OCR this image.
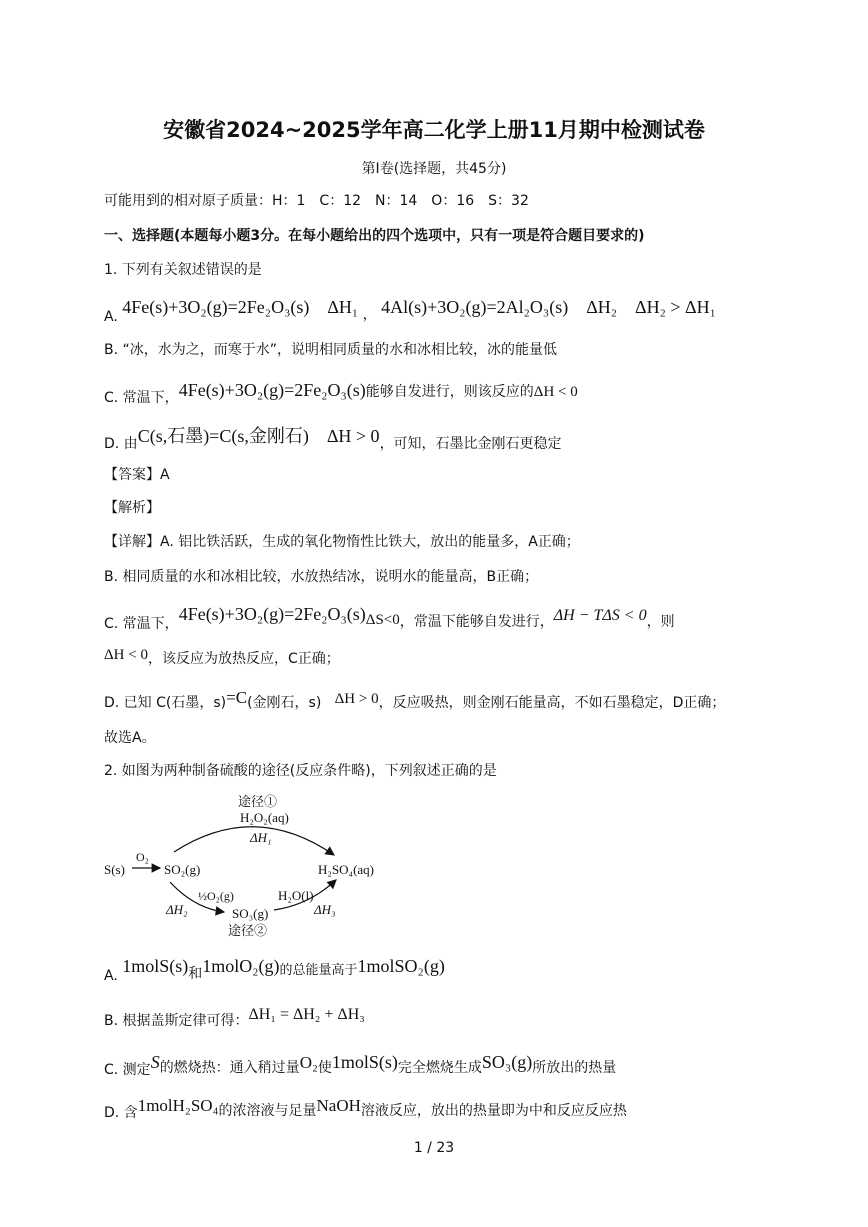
安徽省2024~2025学年高二化学上册11月期中检测试卷
第Ⅰ卷(选择题，共45分)
可能用到的相对原子质量：H：1　C：12　N：14　O：16　S：32
一、选择题(本题每小题3分。在每小题给出的四个选项中，只有一项是符合题目要求的)
1. 下列有关叙述错误的是
A. 4Fe(s)+3O₂(g)=2Fe₂O₃(s)　ΔH₁ ， 4Al(s)+3O₂(g)=2Al₂O₃(s)　ΔH₂　ΔH₂ > ΔH₁
B. “冰，水为之，而寒于水”，说明相同质量的水和冰相比较，冰的能量低
C. 常温下，4Fe(s)+3O₂(g)=2Fe₂O₃(s)能够自发进行，则该反应的ΔH < 0
D. 由C(s,石墨)=C(s,金刚石)　ΔH > 0，可知，石墨比金刚石更稳定
【答案】A
【解析】
【详解】A. 铝比铁活跃，生成的氧化物惰性比铁大，放出的能量多，A正确；
B. 相同质量的水和冰相比较，水放热结冰，说明水的能量高，B正确；
C. 常温下，4Fe(s)+3O₂(g)=2Fe₂O₃(s)ΔS<0，常温下能够自发进行，ΔH − TΔS < 0，则
ΔH < 0，该反应为放热反应，C正确；
D. 已知 C(石墨，s)=C(金刚石，s) ΔH > 0，反应吸热，则金刚石能量高，不如石墨稳定，D正确；
故选A。
2. 如图为两种制备硫酸的途径(反应条件略)，下列叙述正确的是
途径①
H₂O₂(aq)
ΔH₁
S(s)
O₂
SO₂(g)	H₂SO₄(aq)
½O₂(g)	H₂O(l)
ΔH₂	SO₃(g)	ΔH₃
途径②
A. 1molS(s)和1molO₂(g)的总能量高于1molSO₂(g)
B. 根据盖斯定律可得：ΔH₁ = ΔH₂ + ΔH₃
C. 测定S的燃烧热：通入稍过量O₂使1molS(s)完全燃烧生成SO₃(g)所放出的热量
D. 含1molH₂SO₄的浓溶液与足量NaOH溶液反应，放出的热量即为中和反应反应热
1 / 23
